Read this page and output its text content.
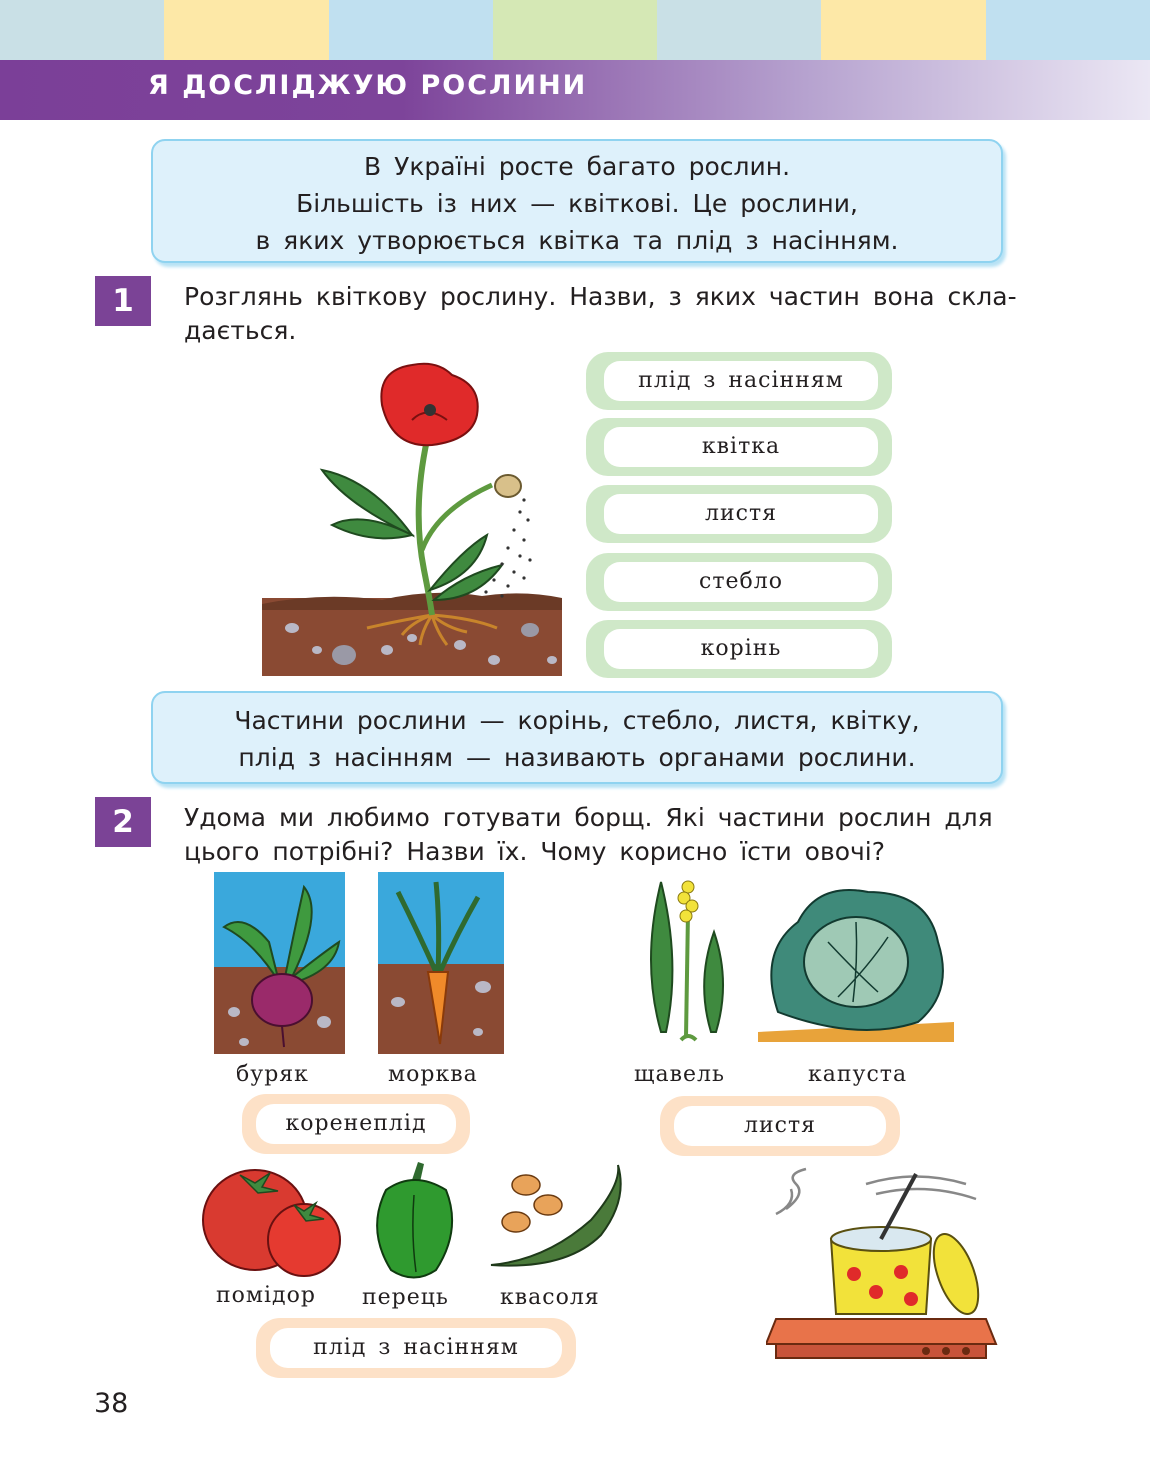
Я ДОСЛІДЖУЮ РОСЛИНИ
В Україні росте багато рослин.
Більшість із них — квіткові. Це рослини,
в яких утворюється квітка та плід з насінням.
1	Розглянь квіткову рослину. Назви, з яких частин вона скла-
дається.
плід з насінням
квітка
листя
стебло
корінь
Частини рослини — корінь, стебло, листя, квітку,
плід з насінням — називають органами рослини.
2	Удома ми любимо готувати борщ. Які частини рослин для
цього потрібні? Назви їх. Чому корисно їсти овочі?
буряк	морква	щавель	капуста
коренеплід	листя
помідор перець квасоля
плід з насінням
38
